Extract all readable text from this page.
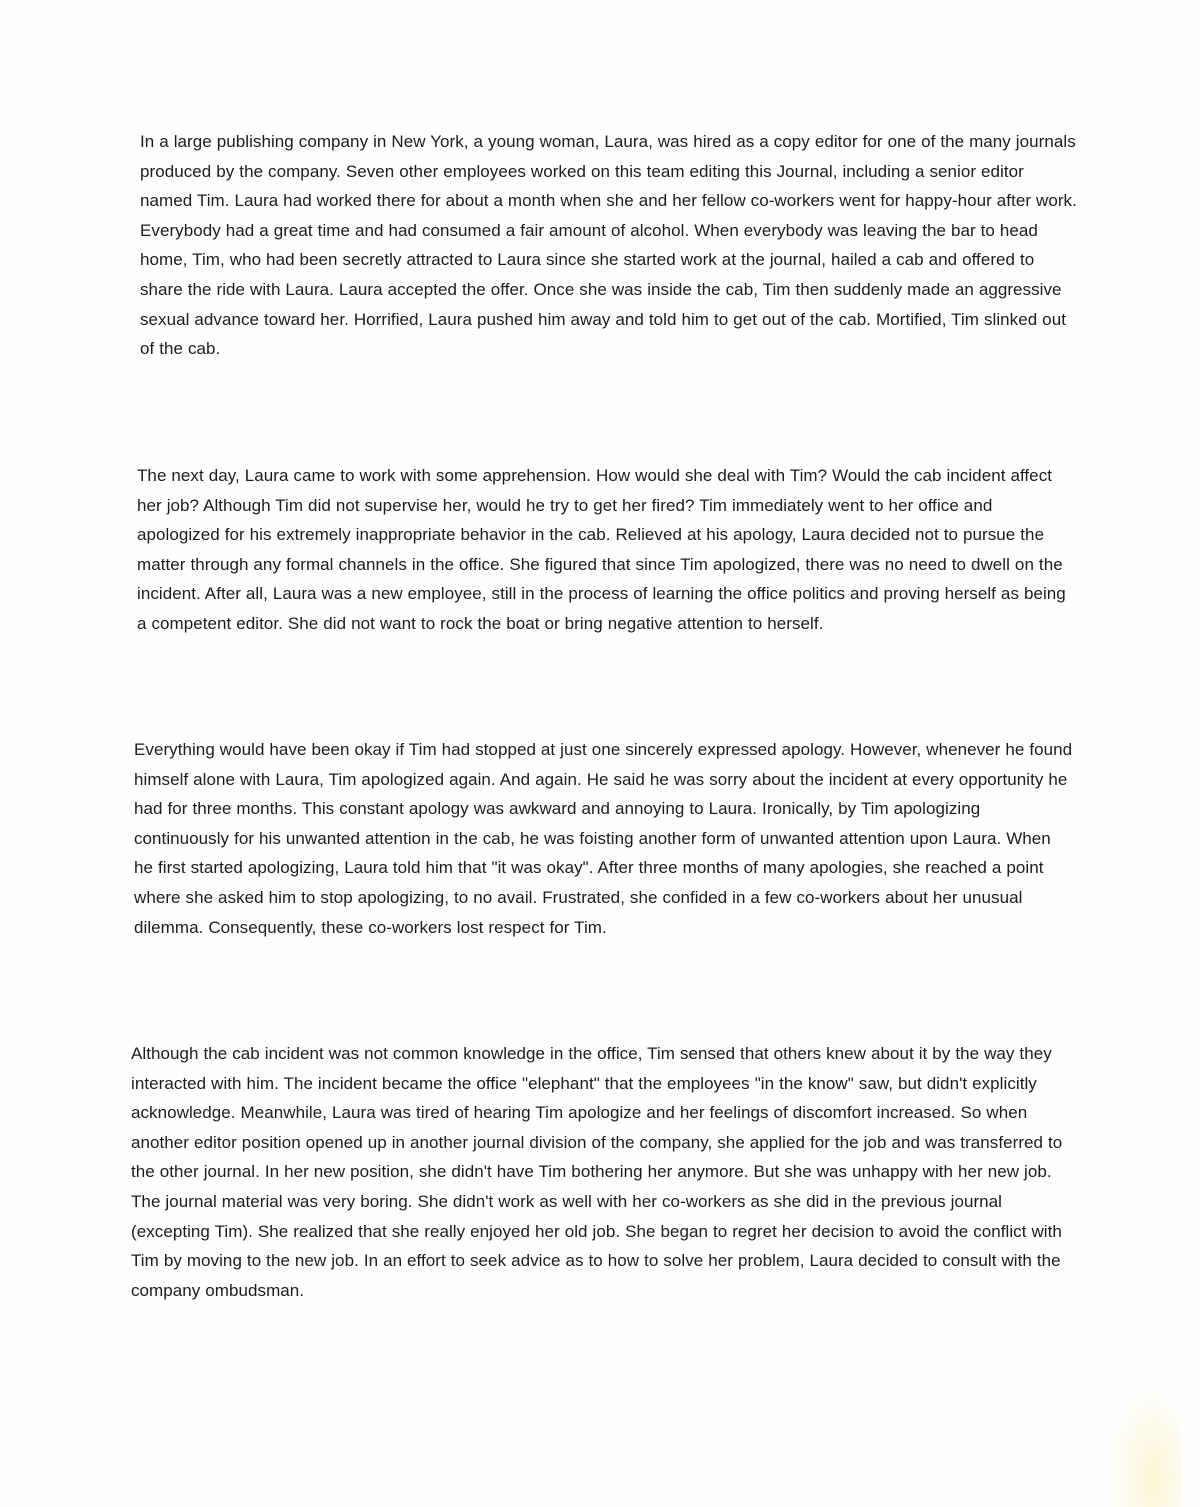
In a large publishing company in New York, a young woman, Laura, was hired as a copy editor for one of the many journals produced by the company. Seven other employees worked on this team editing this Journal, including a senior editor named Tim. Laura had worked there for about a month when she and her fellow co-workers went for happy-hour after work. Everybody had a great time and had consumed a fair amount of alcohol. When everybody was leaving the bar to head home, Tim, who had been secretly attracted to Laura since she started work at the journal, hailed a cab and offered to share the ride with Laura. Laura accepted the offer. Once she was inside the cab, Tim then suddenly made an aggressive sexual advance toward her. Horrified, Laura pushed him away and told him to get out of the cab. Mortified, Tim slinked out of the cab.

The next day, Laura came to work with some apprehension. How would she deal with Tim? Would the cab incident affect her job? Although Tim did not supervise her, would he try to get her fired? Tim immediately went to her office and apologized for his extremely inappropriate behavior in the cab. Relieved at his apology, Laura decided not to pursue the matter through any formal channels in the office. She figured that since Tim apologized, there was no need to dwell on the incident. After all, Laura was a new employee, still in the process of learning the office politics and proving herself as being a competent editor. She did not want to rock the boat or bring negative attention to herself.

Everything would have been okay if Tim had stopped at just one sincerely expressed apology. However, whenever he found himself alone with Laura, Tim apologized again. And again. He said he was sorry about the incident at every opportunity he had for three months. This constant apology was awkward and annoying to Laura. Ironically, by Tim apologizing continuously for his unwanted attention in the cab, he was foisting another form of unwanted attention upon Laura. When he first started apologizing, Laura told him that "it was okay". After three months of many apologies, she reached a point where she asked him to stop apologizing, to no avail. Frustrated, she confided in a few co-workers about her unusual dilemma. Consequently, these co-workers lost respect for Tim.

Although the cab incident was not common knowledge in the office, Tim sensed that others knew about it by the way they interacted with him. The incident became the office "elephant" that the employees "in the know" saw, but didn't explicitly acknowledge. Meanwhile, Laura was tired of hearing Tim apologize and her feelings of discomfort increased. So when another editor position opened up in another journal division of the company, she applied for the job and was transferred to the other journal. In her new position, she didn't have Tim bothering her anymore. But she was unhappy with her new job. The journal material was very boring. She didn't work as well with her co-workers as she did in the previous journal (excepting Tim). She realized that she really enjoyed her old job. She began to regret her decision to avoid the conflict with Tim by moving to the new job. In an effort to seek advice as to how to solve her problem, Laura decided to consult with the company ombudsman.
